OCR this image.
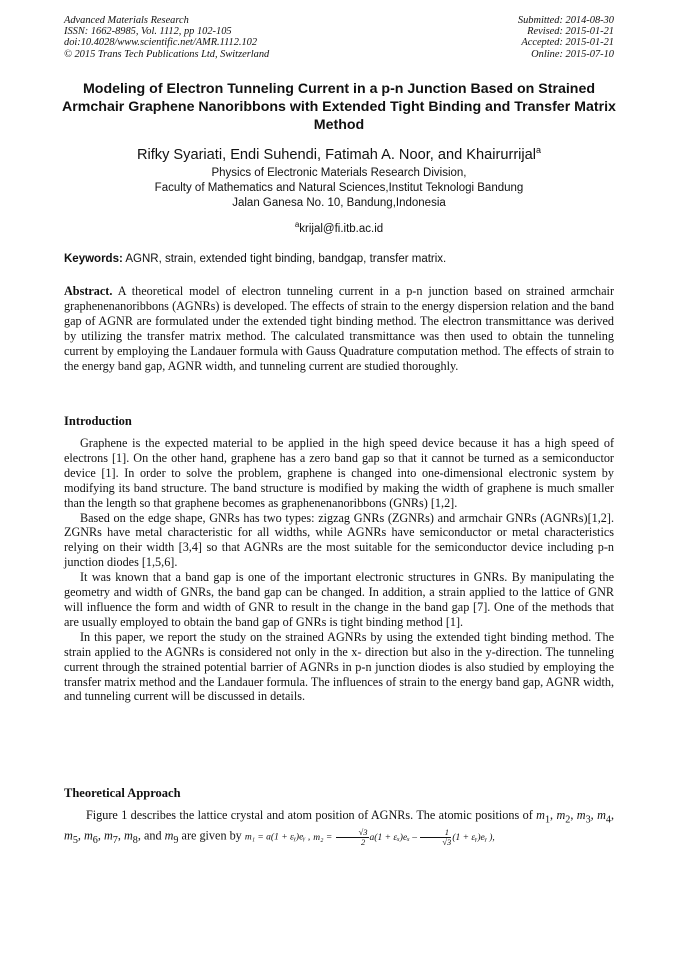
Advanced Materials Research
ISSN: 1662-8985, Vol. 1112, pp 102-105
doi:10.4028/www.scientific.net/AMR.1112.102
© 2015 Trans Tech Publications Ltd, Switzerland
Submitted: 2014-08-30
Revised: 2015-01-21
Accepted: 2015-01-21
Online: 2015-07-10
Modeling of Electron Tunneling Current in a p-n Junction Based on Strained Armchair Graphene Nanoribbons with Extended Tight Binding and Transfer Matrix Method
Rifky Syariati, Endi Suhendi, Fatimah A. Noor, and Khairurrijal$^a$
Physics of Electronic Materials Research Division,
Faculty of Mathematics and Natural Sciences,Institut Teknologi Bandung
Jalan Ganesa No. 10, Bandung,Indonesia
$^a$krijal@fi.itb.ac.id
Keywords: AGNR, strain, extended tight binding, bandgap, transfer matrix.
Abstract. A theoretical model of electron tunneling current in a p-n junction based on strained armchair graphenenanoribbons (AGNRs) is developed. The effects of strain to the energy dispersion relation and the band gap of AGNR are formulated under the extended tight binding method. The electron transmittance was derived by utilizing the transfer matrix method. The calculated transmittance was then used to obtain the tunneling current by employing the Landauer formula with Gauss Quadrature computation method. The effects of strain to the energy band gap, AGNR width, and tunneling current are studied thoroughly.
Introduction

Graphene is the expected material to be applied in the high speed device because it has a high speed of electrons [1]. On the other hand, graphene has a zero band gap so that it cannot be turned as a semiconductor device [1]. In order to solve the problem, graphene is changed into one-dimensional electronic system by modifying its band structure. The band structure is modified by making the width of graphene is much smaller than the length so that graphene becomes as graphenenanoribbons (GNRs) [1,2].

Based on the edge shape, GNRs has two types: zigzag GNRs (ZGNRs) and armchair GNRs (AGNRs)[1,2]. ZGNRs have metal characteristic for all widths, while AGNRs have semiconductor or metal characteristics relying on their width [3,4] so that AGNRs are the most suitable for the semiconductor device including p-n junction diodes [1,5,6].

It was known that a band gap is one of the important electronic structures in GNRs. By manipulating the geometry and width of GNRs, the band gap can be changed. In addition, a strain applied to the lattice of GNR will influence the form and width of GNR to result in the change in the band gap [7]. One of the methods that are usually employed to obtain the band gap of GNRs is tight binding method [1].

In this paper, we report the study on the strained AGNRs by using the extended tight binding method. The strain applied to the AGNRs is considered not only in the x- direction but also in the y-direction. The tunneling current through the strained potential barrier of AGNRs in p-n junction diodes is also studied by employing the transfer matrix method and the Landauer formula. The influences of strain to the energy band gap, AGNR width, and tunneling current will be discussed in details.

Theoretical Approach

Figure 1 describes the lattice crystal and atom position of AGNRs. The atomic positions of $m_1$, $m_2$, $m_3$, $m_4$, $m_5$, $m_6$, $m_7$, $m_8$, and $m_9$ are given by m₁ = a(1 + εᵧ)eᵧ , $m_2 = \frac{√3}{2} a(1 + \varepsilon_x)e_x - \frac{1}{√3} (1$ + εᵧ)eᵧ ),
